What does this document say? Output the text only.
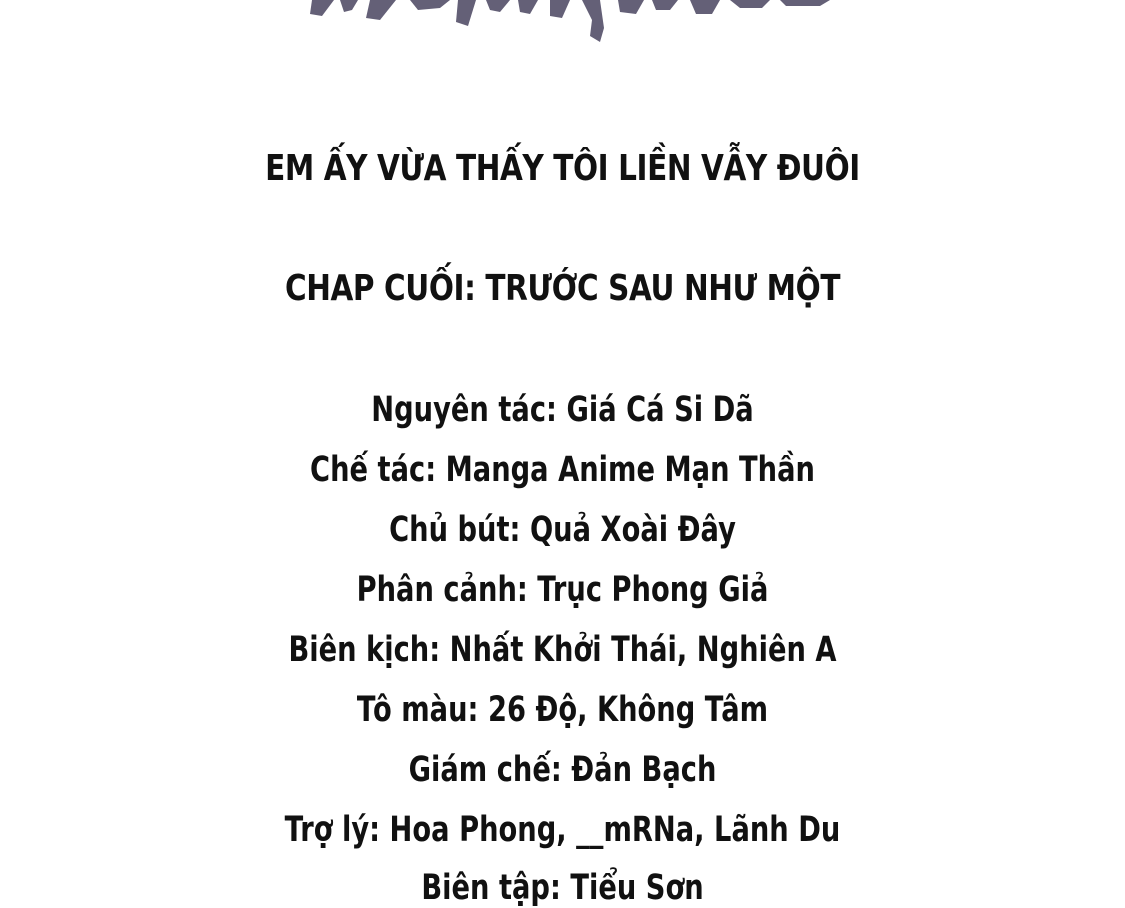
EM ẤY VỪA THẤY TÔI LIỀN VẪY ĐUÔI
CHAP CUỐI: TRƯỚC SAU NHƯ MỘT
Nguyên tác: Giá Cá Si Dã
Chế tác: Manga Anime Mạn Thần
Chủ bút: Quả Xoài Đây
Phân cảnh: Trục Phong Giả
Biên kịch: Nhất Khởi Thái, Nghiên A
Tô màu: 26 Độ, Không Tâm
Giám chế: Đản Bạch
Trợ lý: Hoa Phong, __mRNa, Lãnh Du
Biên tập: Tiểu Sơn
